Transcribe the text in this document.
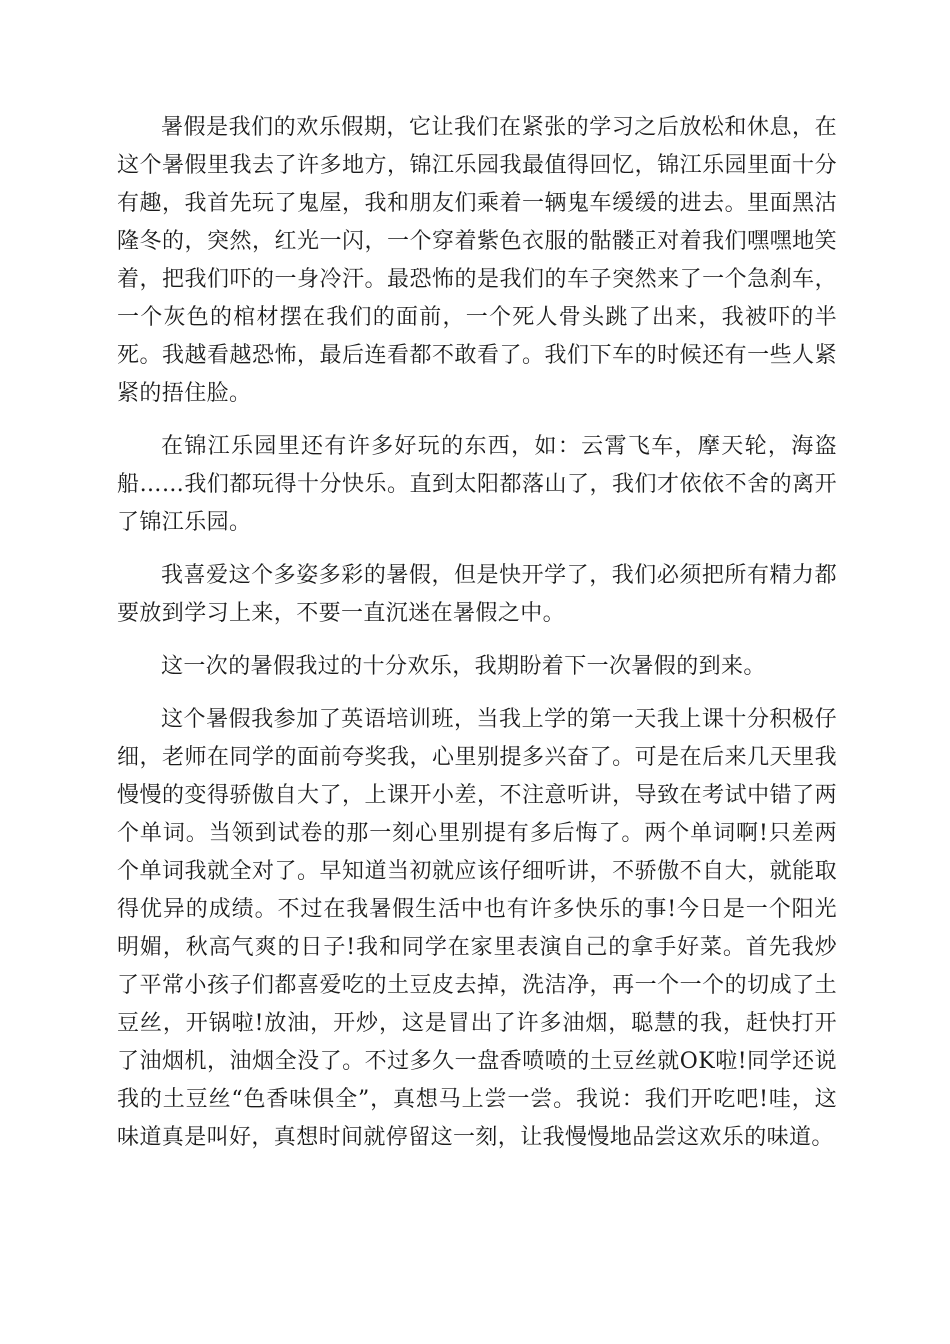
暑假是我们的欢乐假期，它让我们在紧张的学习之后放松和休息，在这个暑假里我去了许多地方，锦江乐园我最值得回忆，锦江乐园里面十分有趣，我首先玩了鬼屋，我和朋友们乘着一辆鬼车缓缓的进去。里面黑沽隆冬的，突然，红光一闪，一个穿着紫色衣服的骷髅正对着我们嘿嘿地笑着，把我们吓的一身冷汗。最恐怖的是我们的车子突然来了一个急刹车，一个灰色的棺材摆在我们的面前，一个死人骨头跳了出来，我被吓的半死。我越看越恐怖，最后连看都不敢看了。我们下车的时候还有一些人紧紧的捂住脸。

在锦江乐园里还有许多好玩的东西，如：云霄飞车，摩天轮，海盗船……我们都玩得十分快乐。直到太阳都落山了，我们才依依不舍的离开了锦江乐园。

我喜爱这个多姿多彩的暑假，但是快开学了，我们必须把所有精力都要放到学习上来，不要一直沉迷在暑假之中。

这一次的暑假我过的十分欢乐，我期盼着下一次暑假的到来。

这个暑假我参加了英语培训班，当我上学的第一天我上课十分积极仔细，老师在同学的面前夸奖我，心里别提多兴奋了。可是在后来几天里我慢慢的变得骄傲自大了，上课开小差，不注意听讲，导致在考试中错了两个单词。当领到试卷的那一刻心里别提有多后悔了。两个单词啊!只差两个单词我就全对了。早知道当初就应该仔细听讲，不骄傲不自大，就能取得优异的成绩。不过在我暑假生活中也有许多快乐的事!今日是一个阳光明媚，秋高气爽的日子!我和同学在家里表演自己的拿手好菜。首先我炒了平常小孩子们都喜爱吃的土豆皮去掉，洗洁净，再一个一个的切成了土豆丝，开锅啦!放油，开炒，这是冒出了许多油烟，聪慧的我，赶快打开了油烟机，油烟全没了。不过多久一盘香喷喷的土豆丝就OK啦!同学还说我的土豆丝“色香味俱全”，真想马上尝一尝。我说：我们开吃吧!哇，这味道真是叫好，真想时间就停留这一刻，让我慢慢地品尝这欢乐的味道。
